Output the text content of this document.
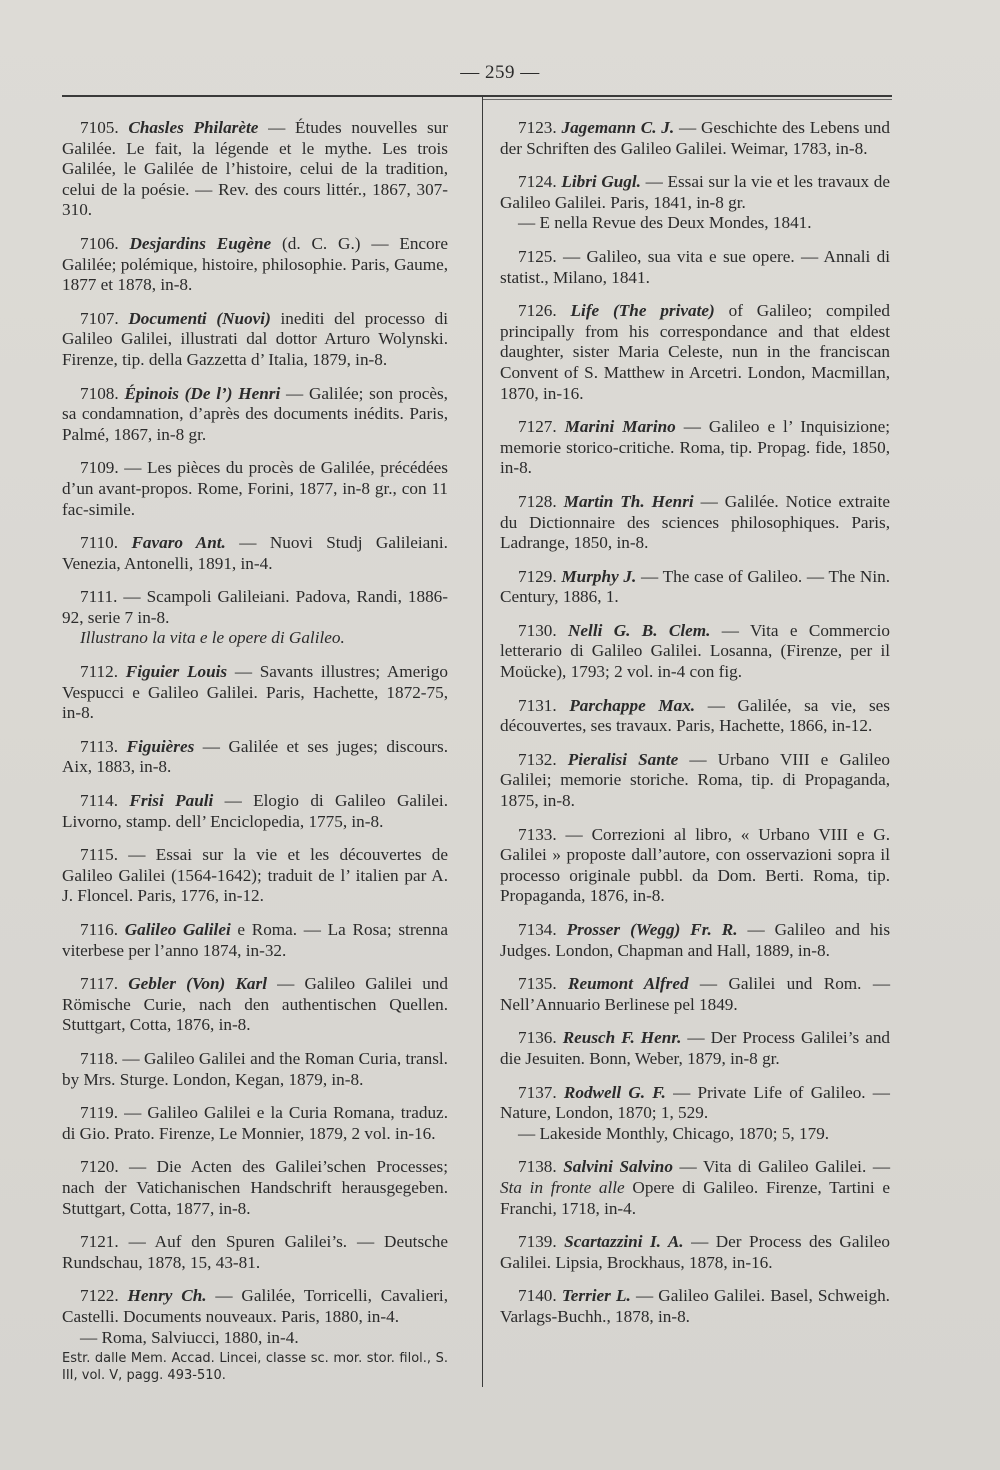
— 259 —
7105. Chasles Philarète — Études nouvelles sur Galilée. Le fait, la légende et le mythe. Les trois Galilée, le Galilée de l’histoire, celui de la tradition, celui de la poésie. — Rev. des cours littér., 1867, 307-310.
7106. Desjardins Eugène (d. C. G.) — Encore Galilée; polémique, histoire, philosophie. Paris, Gaume, 1877 et 1878, in-8.
7107. Documenti (Nuovi) inediti del processo di Galileo Galilei, illustrati dal dottor Arturo Wolynski. Firenze, tip. della Gazzetta d’ Italia, 1879, in-8.
7108. Épinois (De l’) Henri — Galilée; son procès, sa condamnation, d’après des documents inédits. Paris, Palmé, 1867, in-8 gr.
7109. — Les pièces du procès de Galilée, précédées d’un avant-propos. Rome, Forini, 1877, in-8 gr., con 11 fac-simile.
7110. Favaro Ant. — Nuovi Studj Galileiani. Venezia, Antonelli, 1891, in-4.
7111. — Scampoli Galileiani. Padova, Randi, 1886-92, serie 7 in-8.
Illustrano la vita e le opere di Galileo.
7112. Figuier Louis — Savants illustres; Amerigo Vespucci e Galileo Galilei. Paris, Hachette, 1872-75, in-8.
7113. Figuières — Galilée et ses juges; discours. Aix, 1883, in-8.
7114. Frisi Pauli — Elogio di Galileo Galilei. Livorno, stamp. dell’ Enciclopedia, 1775, in-8.
7115. — Essai sur la vie et les découvertes de Galileo Galilei (1564-1642); traduit de l’ italien par A. J. Floncel. Paris, 1776, in-12.
7116. Galileo Galilei e Roma. — La Rosa; strenna viterbese per l’anno 1874, in-32.
7117. Gebler (Von) Karl — Galileo Galilei und Römische Curie, nach den authentischen Quellen. Stuttgart, Cotta, 1876, in-8.
7118. — Galileo Galilei and the Roman Curia, transl. by Mrs. Sturge. London, Kegan, 1879, in-8.
7119. — Galileo Galilei e la Curia Romana, traduz. di Gio. Prato. Firenze, Le Monnier, 1879, 2 vol. in-16.
7120. — Die Acten des Galilei’schen Processes; nach der Vatichanischen Handschrift herausgegeben. Stuttgart, Cotta, 1877, in-8.
7121. — Auf den Spuren Galilei’s. — Deutsche Rundschau, 1878, 15, 43-81.
7122. Henry Ch. — Galilée, Torricelli, Cavalieri, Castelli. Documents nouveaux. Paris, 1880, in-4.
— Roma, Salviucci, 1880, in-4.
Estr. dalle Mem. Accad. Lincei, classe sc. mor. stor. filol., S. III, vol. V, pagg. 493-510.
7123. Jagemann C. J. — Geschichte des Lebens und der Schriften des Galileo Galilei. Weimar, 1783, in-8.
7124. Libri Gugl. — Essai sur la vie et les travaux de Galileo Galilei. Paris, 1841, in-8 gr.
— E nella Revue des Deux Mondes, 1841.
7125. — Galileo, sua vita e sue opere. — Annali di statist., Milano, 1841.
7126. Life (The private) of Galileo; compiled principally from his correspondance and that eldest daughter, sister Maria Celeste, nun in the franciscan Convent of S. Matthew in Arcetri. London, Macmillan, 1870, in-16.
7127. Marini Marino — Galileo e l’ Inquisizione; memorie storico-critiche. Roma, tip. Propag. fide, 1850, in-8.
7128. Martin Th. Henri — Galilée. Notice extraite du Dictionnaire des sciences philosophiques. Paris, Ladrange, 1850, in-8.
7129. Murphy J. — The case of Galileo. — The Nin. Century, 1886, 1.
7130. Nelli G. B. Clem. — Vita e Commercio letterario di Galileo Galilei. Losanna, (Firenze, per il Moücke), 1793; 2 vol. in-4 con fig.
7131. Parchappe Max. — Galilée, sa vie, ses découvertes, ses travaux. Paris, Hachette, 1866, in-12.
7132. Pieralisi Sante — Urbano VIII e Galileo Galilei; memorie storiche. Roma, tip. di Propaganda, 1875, in-8.
7133. — Correzioni al libro, « Urbano VIII e G. Galilei » proposte dall’autore, con osservazioni sopra il processo originale pubbl. da Dom. Berti. Roma, tip. Propaganda, 1876, in-8.
7134. Prosser (Wegg) Fr. R. — Galileo and his Judges. London, Chapman and Hall, 1889, in-8.
7135. Reumont Alfred — Galilei und Rom. — Nell’Annuario Berlinese pel 1849.
7136. Reusch F. Henr. — Der Process Galilei’s and die Jesuiten. Bonn, Weber, 1879, in-8 gr.
7137. Rodwell G. F. — Private Life of Galileo. — Nature, London, 1870; 1, 529.
— Lakeside Monthly, Chicago, 1870; 5, 179.
7138. Salvini Salvino — Vita di Galileo Galilei. — Sta in fronte alle Opere di Galileo. Firenze, Tartini e Franchi, 1718, in-4.
7139. Scartazzini I. A. — Der Process des Galileo Galilei. Lipsia, Brockhaus, 1878, in-16.
7140. Terrier L. — Galileo Galilei. Basel, Schweigh. Varlags-Buchh., 1878, in-8.
